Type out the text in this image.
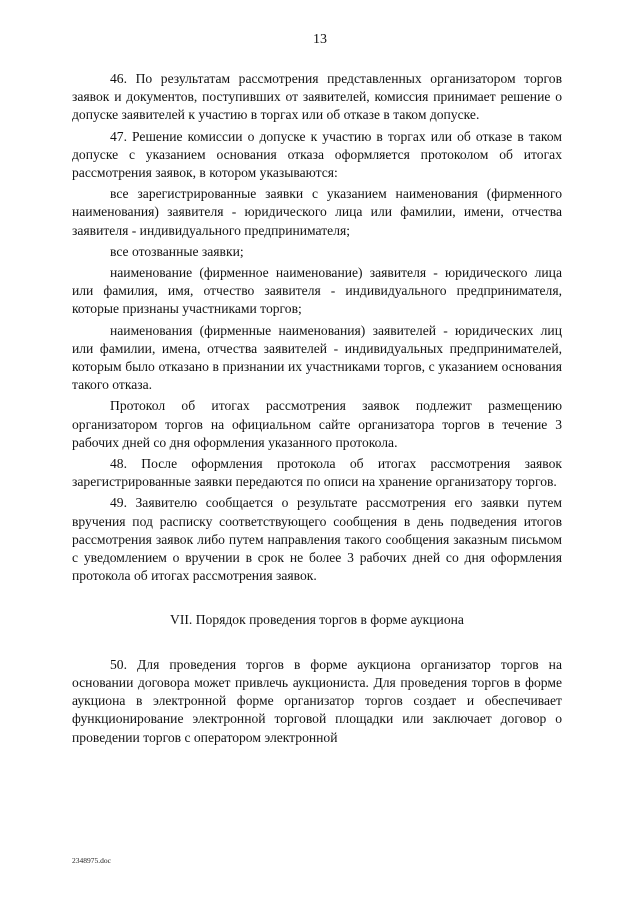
13

46. По результатам рассмотрения представленных организатором торгов заявок и документов, поступивших от заявителей, комиссия принимает решение о допуске заявителей к участию в торгах или об отказе в таком допуске.

47. Решение комиссии о допуске к участию в торгах или об отказе в таком допуске с указанием основания отказа оформляется протоколом об итогах рассмотрения заявок, в котором указываются:

все зарегистрированные заявки с указанием наименования (фирменного наименования) заявителя - юридического лица или фамилии, имени, отчества заявителя - индивидуального предпринимателя;

все отозванные заявки;

наименование (фирменное наименование) заявителя - юридического лица или фамилия, имя, отчество заявителя - индивидуального предпринимателя, которые признаны участниками торгов;

наименования (фирменные наименования) заявителей - юридических лиц или фамилии, имена, отчества заявителей - индивидуальных предпринимателей, которым было отказано в признании их участниками торгов, с указанием основания такого отказа.

Протокол об итогах рассмотрения заявок подлежит размещению организатором торгов на официальном сайте организатора торгов в течение 3 рабочих дней со дня оформления указанного протокола.

48. После оформления протокола об итогах рассмотрения заявок зарегистрированные заявки передаются по описи на хранение организатору торгов.

49. Заявителю сообщается о результате рассмотрения его заявки путем вручения под расписку соответствующего сообщения в день подведения итогов рассмотрения заявок либо путем направления такого сообщения заказным письмом с уведомлением о вручении в срок не более 3 рабочих дней со дня оформления протокола об итогах рассмотрения заявок.

VII. Порядок проведения торгов в форме аукциона

50. Для проведения торгов в форме аукциона организатор торгов на основании договора может привлечь аукциониста. Для проведения торгов в форме аукциона в электронной форме организатор торгов создает и обеспечивает функционирование электронной торговой площадки или заключает договор о проведении торгов с оператором электронной

2348975.doc
